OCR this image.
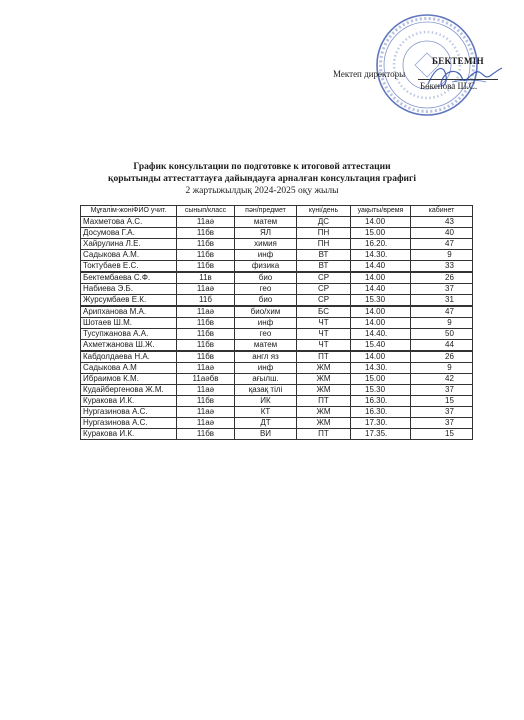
БЕКТЕМІН
Мектеп директоры
Бөкенова Ш.С.
График консультации по подготовке к итоговой аттестации
қорытынды аттестаттауға дайындауға арналған консультация графигі
2 жартыжылдық 2024-2025 оқу жылы
Мұғалім-жоніФИО учит.	сынып/класс	пән/предмет	күні/день	уақыты/время	кабинет
Махметова А.С.	11аә	матем	ДС	14.00	43
Досумова Г.А.	11бв	ЯЛ	ПН	15.00	40
Хайрулина Л.Е.	11бв	химия	ПН	16.20.	47
Садыкова А.М.	11бв	инф	ВТ	14.30.	9
Токтубаев Е.С.	11бв	физика	ВТ	14.40	33
Бектембаева С.Ф.	11в	био	СР	14.00	26
Набиева Э.Б.	11аә	гео	СР	14.40	37
Журсумбаев Е.К.	11б	био	СР	15.30	31
Арипханова М.А.	11аә	био/хим	БС	14.00	47
Шотаев Ш.М.	11бв	инф	ЧТ	14.00	9
Тусупжанова А.А.	11бв	гео	ЧТ	14.40.	50
Ахметжанова Ш.Ж.	11бв	матем	ЧТ	15.40	44
Кабдолдаева Н.А.	11бв	англ яз	ПТ	14.00	26
Садыкова А.М	11аә	инф	ЖМ	14.30.	9
Ибраимов К.М.	11аәбв	ағылш.	ЖМ	15.00	42
Кудайбергенова Ж.М.	11аә	қазақ тілі	ЖМ	15.30	37
Куракова И.К.	11бв	ИК	ПТ	16.30.	15
Нургазинова А.С.	11аә	КТ	ЖМ	16.30.	37
Нургазинова А.С.	11аә	ДТ	ЖМ	17.30.	37
Куракова И.К.	11бв	ВИ	ПТ	17.35.	15
